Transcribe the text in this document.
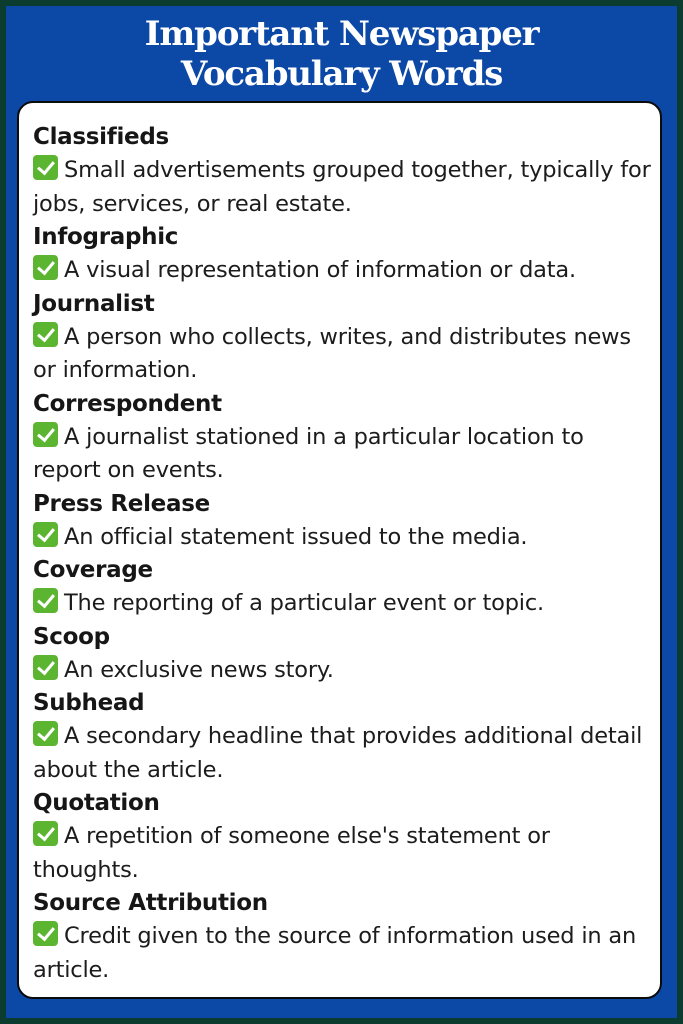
Important Newspaper
Vocabulary Words
Classifieds
Small advertisements grouped together, typically for jobs, services, or real estate.
Infographic
A visual representation of information or data.
Journalist
A person who collects, writes, and distributes news or information.
Correspondent
A journalist stationed in a particular location to report on events.
Press Release
An official statement issued to the media.
Coverage
The reporting of a particular event or topic.
Scoop
An exclusive news story.
Subhead
A secondary headline that provides additional detail about the article.
Quotation
A repetition of someone else's statement or thoughts.
Source Attribution
Credit given to the source of information used in an article.
